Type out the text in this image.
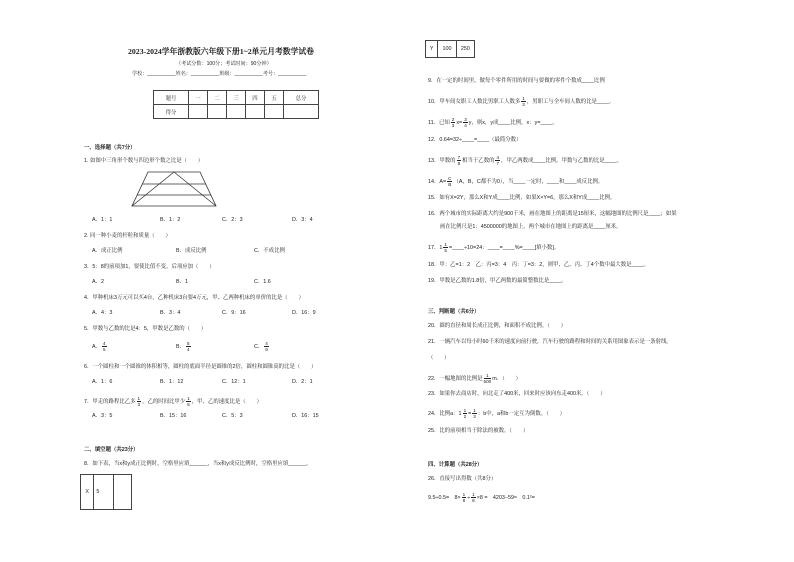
2023-2024学年浙教版六年级下册1~2单元月考数学试卷
（考试分数：100分；考试时间：90分钟）
学校：__________姓名：__________班级：__________考号：__________
题号	一	二	三	四	五	总分
得分						
一、选择题（共7分）
1. 如图中三角形个数与四边形个数之比是（　　）
A．1：1	B．1：2	C．2：3	D．3：4
2. 同一种小麦的杆粒和质量（　　）
A．成正比例	B．成反比例	C．不成比例
3．5：8的前项加1，要使比值不变，后项应加（　　）
A．2	B．1	C．1.6
4．甲种机床3万元可以买4台，乙种机床3台要4万元，甲、乙两种机床的单价的比是（　　）
A．4：3	B．3：4	C．9：16	D．16：9
5．甲数与乙数的比是4：5，甲数是乙数的（　　）
A． $\frac{4}{5}$	B． $\frac{5}{4}$	C． $\frac{4}{9}$
6．一个圆柱和一个圆锥的体积相等，圆柱的底面半径是圆锥的2倍，圆柱和圆锥高的比是（　　）
A．1：6	B．1：12	C．12：1	D．2：1
7．甲走的路程比乙多 $\frac{1}{3}$ ，乙的时间比甲少 $\frac{1}{5}$ ，甲、乙的速度比是（　　）
A．3：5	B．15：16	C．5：3	D．16：15
二、填空题（共23分）
8．如下表，当x和y成正比例时，空格里应填______，当x和y成反比例时，空格里应填______。
X	5	
Y	100	250
9．在一定的时间里，做每个零件所用的时间与要做的零件个数成____比例
10．甲车间女职工人数比男职工人数多 $\frac{1}{3}$ ，男职工与全车间人数的比是____。
11．已知 $\frac{2}{3} x= \frac{3}{4}$ y，则x，y成____比例，x：y=____。
12．0.64=32÷____=____（最简分数）
13．甲数的 $\frac{7}{8}$ 相当于乙数的 $\frac{4}{7}$ ，甲乙两数成____比例，甲数与乙数的比是____。
14．$A= \frac{C}{B} (A$，B，C都不为0），当____一定时，____和____成反比例。
15．如有X=2Y，那么X和Y成____比例，如果X×Y=6，那么X和Y成____比例。
16．两个城市的实际距离大约是900千米，画在地图上的距离是15厘米，这幅地图的比例尺是____；如果
画在比例尺是1：4500000的地图上，两个城市在地图上的距离是____厘米。
17．$1 \frac{1}{5}$ =____÷10=24：____=____%=____[填小数]。
18．甲：乙=1：2　乙：丙=3：4　丙：丁=3：2，则甲、乙、丙、丁4个数中最大数是____。
19．甲数是乙数的1.8倍，甲乙两数的最简整数比是____。
三、判断题（共6分）
20．圆的直径和周长成正比例，和面积不成比例。（　　）
21．一辆汽车以每小时60千米的速度向前行驶，汽车行驶的路程和时间的关系用图象表示是一条射线。
（　　）
22．一幅地图的比例是 $\frac{1}{500}$ m．（　　）
23．如果你去商店时，向北走了400米，回来时应该向东走400米。（　　）
24．比例a：$1 \frac{1}{2} = \frac{1}{3}$ ：b中，a和b一定互为倒数。（　　）
25．比的前项相当于除法的被数。（　　）
四、计算题（共28分）
26．直接写出得数（共8分）
9.5÷0.5=　$8\times \frac{1}{8} \div \frac{1}{8} \times 8$ =　4203−59≈　0.1²=
